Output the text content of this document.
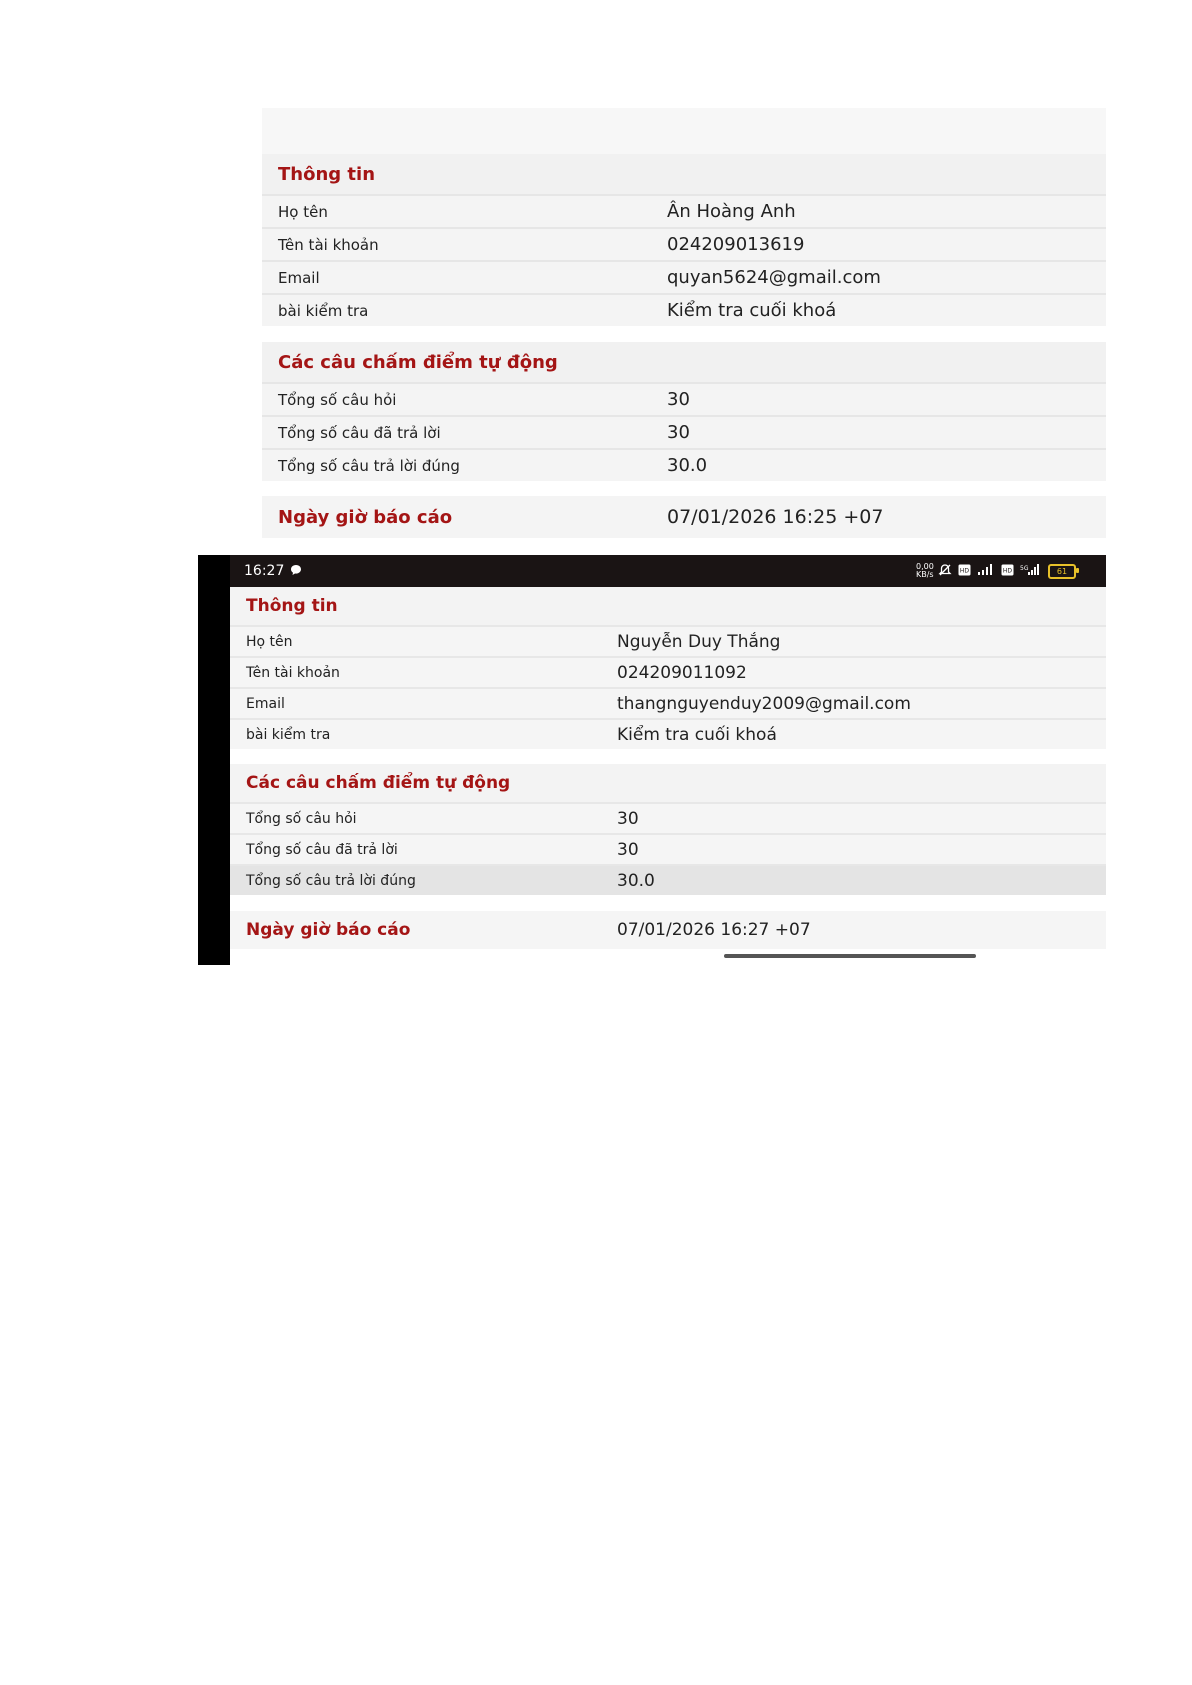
Thông tin
Họ tên	Ân Hoàng Anh
Tên tài khoản	024209013619
Email	quyan5624@gmail.com
bài kiểm tra	Kiểm tra cuối khoá
Các câu chấm điểm tự động
Tổng số câu hỏi	30
Tổng số câu đã trả lời	30
Tổng số câu trả lời đúng	30.0
Ngày giờ báo cáo	07/01/2026 16:25 +07
16:27	0,00 KB/s	HD	HD 5G	61
Thông tin
Họ tên	Nguyễn Duy Thắng
Tên tài khoản	024209011092
Email	thangnguyenduy2009@gmail.com
bài kiểm tra	Kiểm tra cuối khoá
Các câu chấm điểm tự động
Tổng số câu hỏi	30
Tổng số câu đã trả lời	30
Tổng số câu trả lời đúng	30.0
Ngày giờ báo cáo	07/01/2026 16:27 +07
